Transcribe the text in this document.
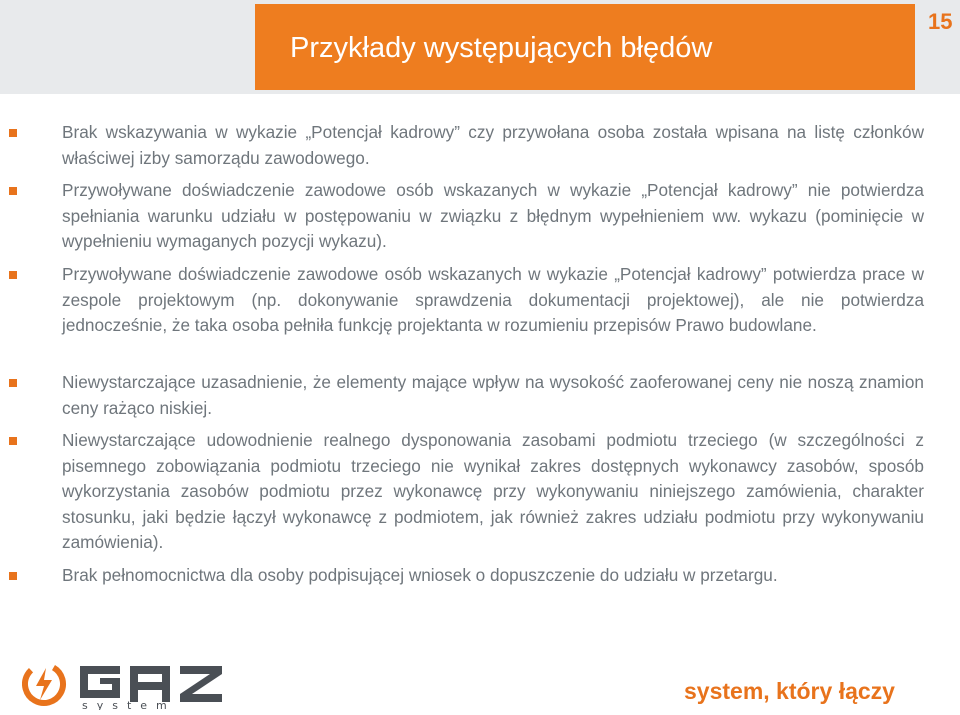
Przykłady występujących błędów
15
Brak wskazywania w wykazie „Potencjał kadrowy” czy przywołana osoba została wpisana na listę członków właściwej izby samorządu zawodowego.
Przywoływane doświadczenie zawodowe osób wskazanych w wykazie „Potencjał kadrowy” nie potwierdza spełniania warunku udziału w postępowaniu w związku z błędnym wypełnieniem ww. wykazu (pominięcie w wypełnieniu wymaganych pozycji wykazu).
Przywoływane doświadczenie zawodowe osób wskazanych w wykazie „Potencjał kadrowy” potwierdza prace w zespole projektowym (np. dokonywanie sprawdzenia dokumentacji projektowej), ale nie potwierdza jednocześnie, że taka osoba pełniła funkcję projektanta w rozumieniu przepisów Prawo budowlane.
Niewystarczające uzasadnienie, że elementy mające wpływ na wysokość zaoferowanej ceny nie noszą znamion ceny rażąco niskiej.
Niewystarczające udowodnienie realnego dysponowania zasobami podmiotu trzeciego (w szczególności z pisemnego zobowiązania podmiotu trzeciego nie wynikał zakres dostępnych wykonawcy zasobów, sposób wykorzystania zasobów podmiotu przez wykonawcę przy wykonywaniu niniejszego zamówienia, charakter stosunku, jaki będzie łączył wykonawcę z podmiotem, jak również zakres udziału podmiotu przy wykonywaniu zamówienia).
Brak pełnomocnictwa dla osoby podpisującej wniosek o dopuszczenie do udziału w przetargu.
system
system, który łączy
